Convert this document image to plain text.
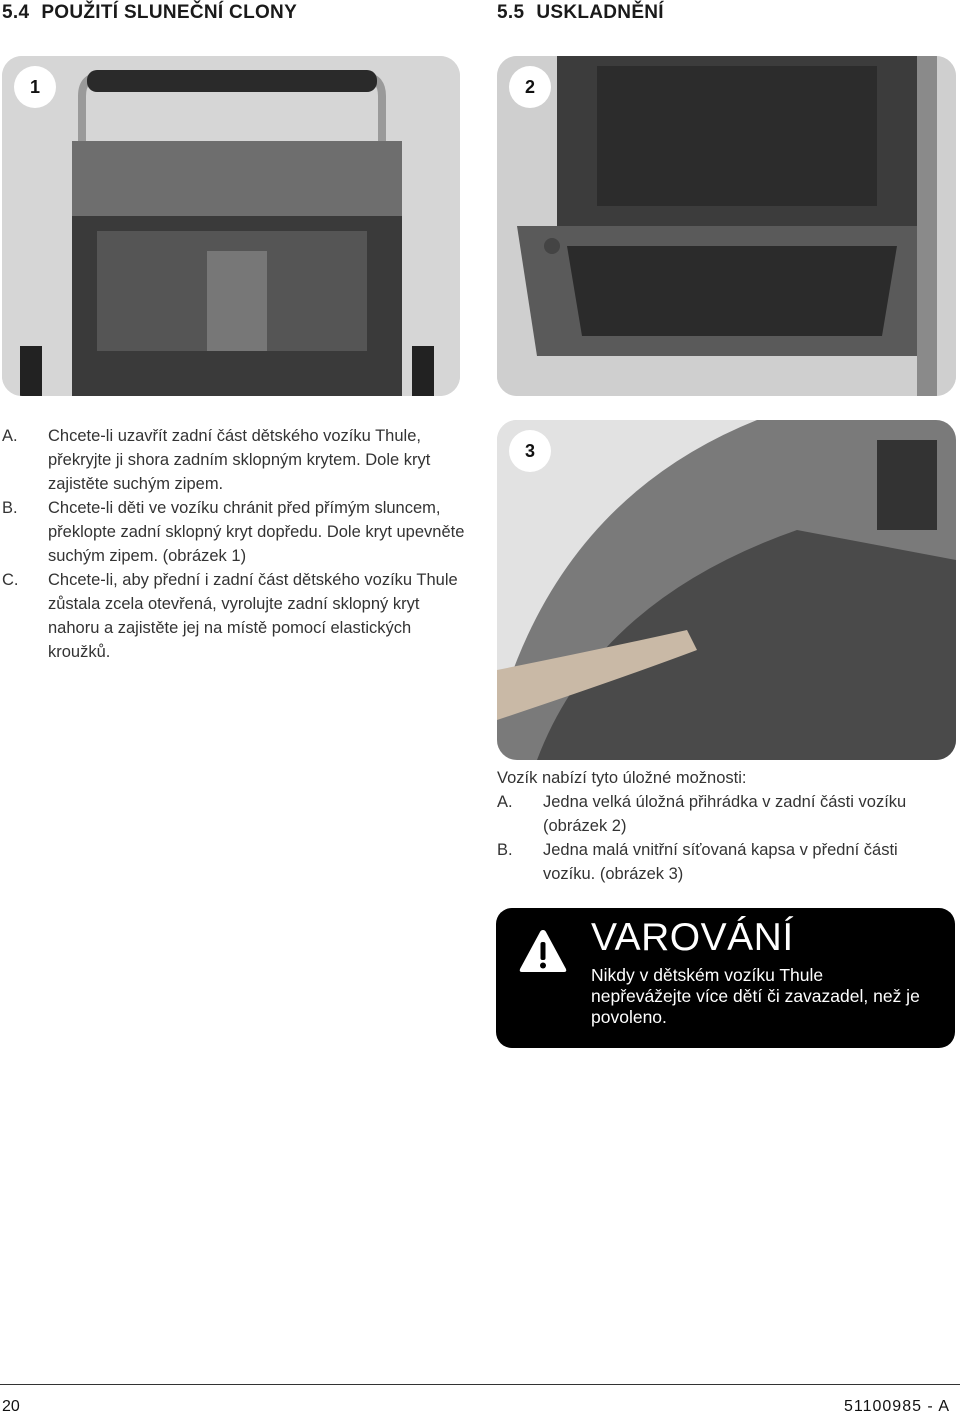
5.4 POUŽITÍ SLUNEČNÍ CLONY	5.5 USKLADNĚNÍ
1	2
3
A. Chcete-li uzavřít zadní část dětského vozíku Thule, překryjte ji shora zadním sklopným krytem. Dole kryt zajistěte suchým zipem.
B. Chcete-li děti ve vozíku chránit před přímým sluncem, překlopte zadní sklopný kryt dopředu. Dole kryt upevněte suchým zipem. (obrázek 1)
C. Chcete-li, aby přední i zadní část dětského vozíku Thule zůstala zcela otevřená, vyrolujte zadní sklopný kryt nahoru a zajistěte jej na místě pomocí elastických kroužků.

Vozík nabízí tyto úložné možnosti:

A. Jedna velká úložná přihrádka v zadní části vozíku (obrázek 2)
B. Jedna malá vnitřní síťovaná kapsa v přední části vozíku. (obrázek 3)
VAROVÁNÍ

Nikdy v dětském vozíku Thule nepřevážejte více dětí či zavazadel, než je povoleno.

20	51100985 - A
